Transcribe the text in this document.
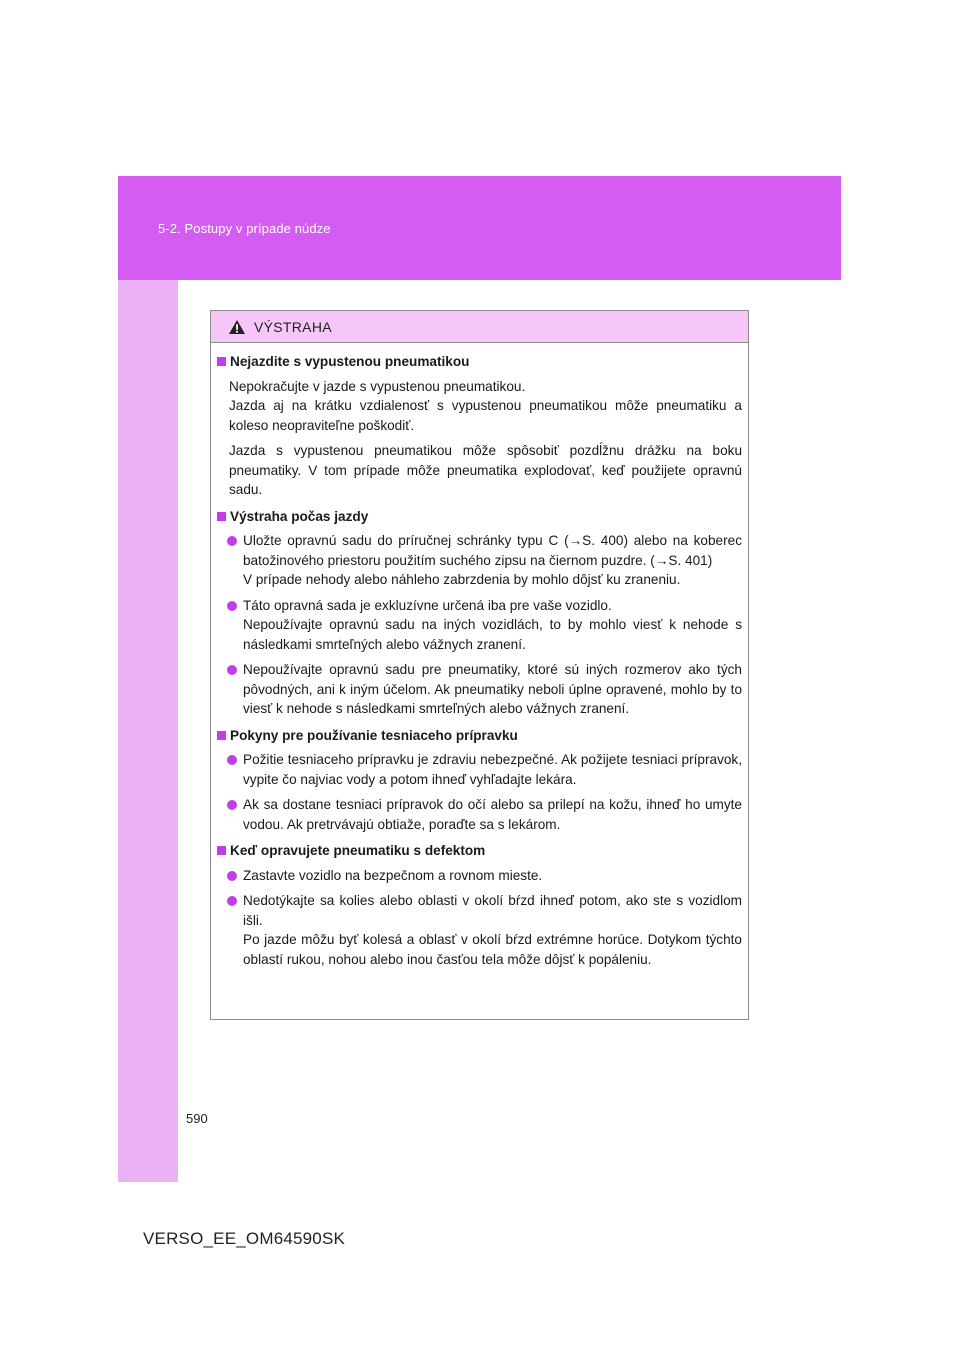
5-2. Postupy v prípade núdze
VÝSTRAHA
Nejazdite s vypustenou pneumatikou
Nepokračujte v jazde s vypustenou pneumatikou.
Jazda aj na krátku vzdialenosť s vypustenou pneumatikou môže pneumatiku a koleso neopraviteľne poškodiť.
Jazda s vypustenou pneumatikou môže spôsobiť pozdĺžnu drážku na boku pneumatiky. V tom prípade môže pneumatika explodovať, keď použijete opravnú sadu.
Výstraha počas jazdy
Uložte opravnú sadu do príručnej schránky typu C (→S. 400) alebo na koberec batožinového priestoru použitím suchého zipsu na čiernom puzdre. (→S. 401)
V prípade nehody alebo náhleho zabrzdenia by mohlo dôjsť ku zraneniu.
Táto opravná sada je exkluzívne určená iba pre vaše vozidlo.
Nepoužívajte opravnú sadu na iných vozidlách, to by mohlo viesť k nehode s následkami smrteľných alebo vážnych zranení.
Nepoužívajte opravnú sadu pre pneumatiky, ktoré sú iných rozmerov ako tých pôvodných, ani k iným účelom. Ak pneumatiky neboli úplne opravené, mohlo by to viesť k nehode s následkami smrteľných alebo vážnych zranení.
Pokyny pre používanie tesniaceho prípravku
Požitie tesniaceho prípravku je zdraviu nebezpečné. Ak požijete tesniaci prípravok, vypite čo najviac vody a potom ihneď vyhľadajte lekára.
Ak sa dostane tesniaci prípravok do očí alebo sa prilepí na kožu, ihneď ho umyte vodou. Ak pretrvávajú obtiaže, poraďte sa s lekárom.
Keď opravujete pneumatiku s defektom
Zastavte vozidlo na bezpečnom a rovnom mieste.
Nedotýkajte sa kolies alebo oblasti v okolí bŕzd ihneď potom, ako ste s vozidlom išli.
Po jazde môžu byť kolesá a oblasť v okolí bŕzd extrémne horúce. Dotykom týchto oblastí rukou, nohou alebo inou časťou tela môže dôjsť k popáleniu.
590
VERSO_EE_OM64590SK
